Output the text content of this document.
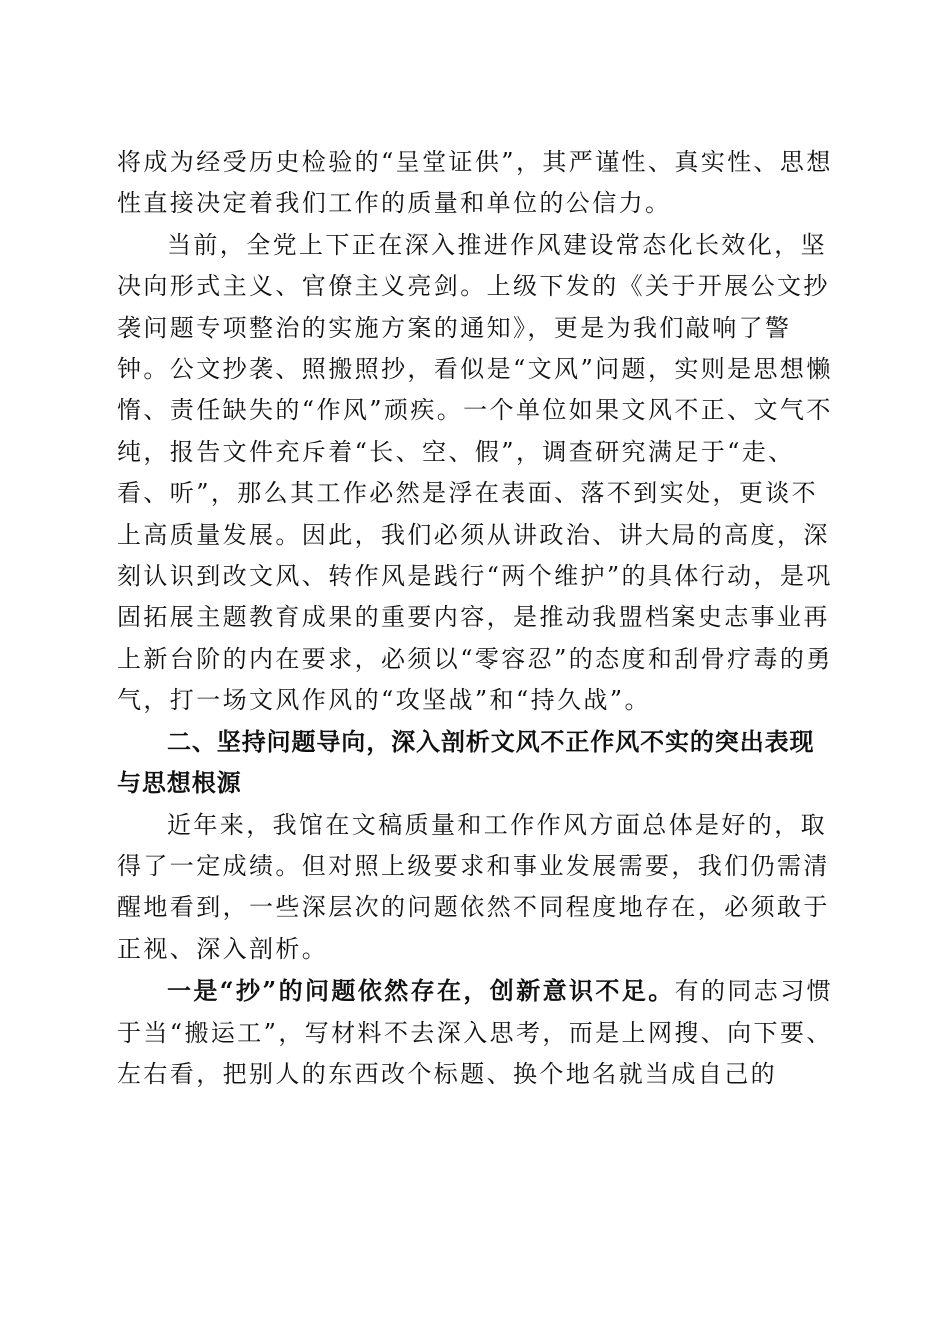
将成为经受历史检验的“呈堂证供”，其严谨性、真实性、思想性直接决定着我们工作的质量和单位的公信力。

当前，全党上下正在深入推进作风建设常态化长效化，坚决向形式主义、官僚主义亮剑。上级下发的《关于开展公文抄袭问题专项整治的实施方案的通知》，更是为我们敲响了警钟。公文抄袭、照搬照抄，看似是“文风”问题，实则是思想懒惰、责任缺失的“作风”顽疾。一个单位如果文风不正、文气不纯，报告文件充斥着“长、空、假”，调查研究满足于“走、看、听”，那么其工作必然是浮在表面、落不到实处，更谈不上高质量发展。因此，我们必须从讲政治、讲大局的高度，深刻认识到改文风、转作风是践行“两个维护”的具体行动，是巩固拓展主题教育成果的重要内容，是推动我盟档案史志事业再上新台阶的内在要求，必须以“零容忍”的态度和刮骨疗毒的勇气，打一场文风作风的“攻坚战”和“持久战”。

二、坚持问题导向，深入剖析文风不正作风不实的突出表现与思想根源

近年来，我馆在文稿质量和工作作风方面总体是好的，取得了一定成绩。但对照上级要求和事业发展需要，我们仍需清醒地看到，一些深层次的问题依然不同程度地存在，必须敢于正视、深入剖析。

一是“抄”的问题依然存在，创新意识不足。有的同志习惯于当“搬运工”，写材料不去深入思考，而是上网搜、向下要、左右看，把别人的东西改个标题、换个地名就当成自己的
